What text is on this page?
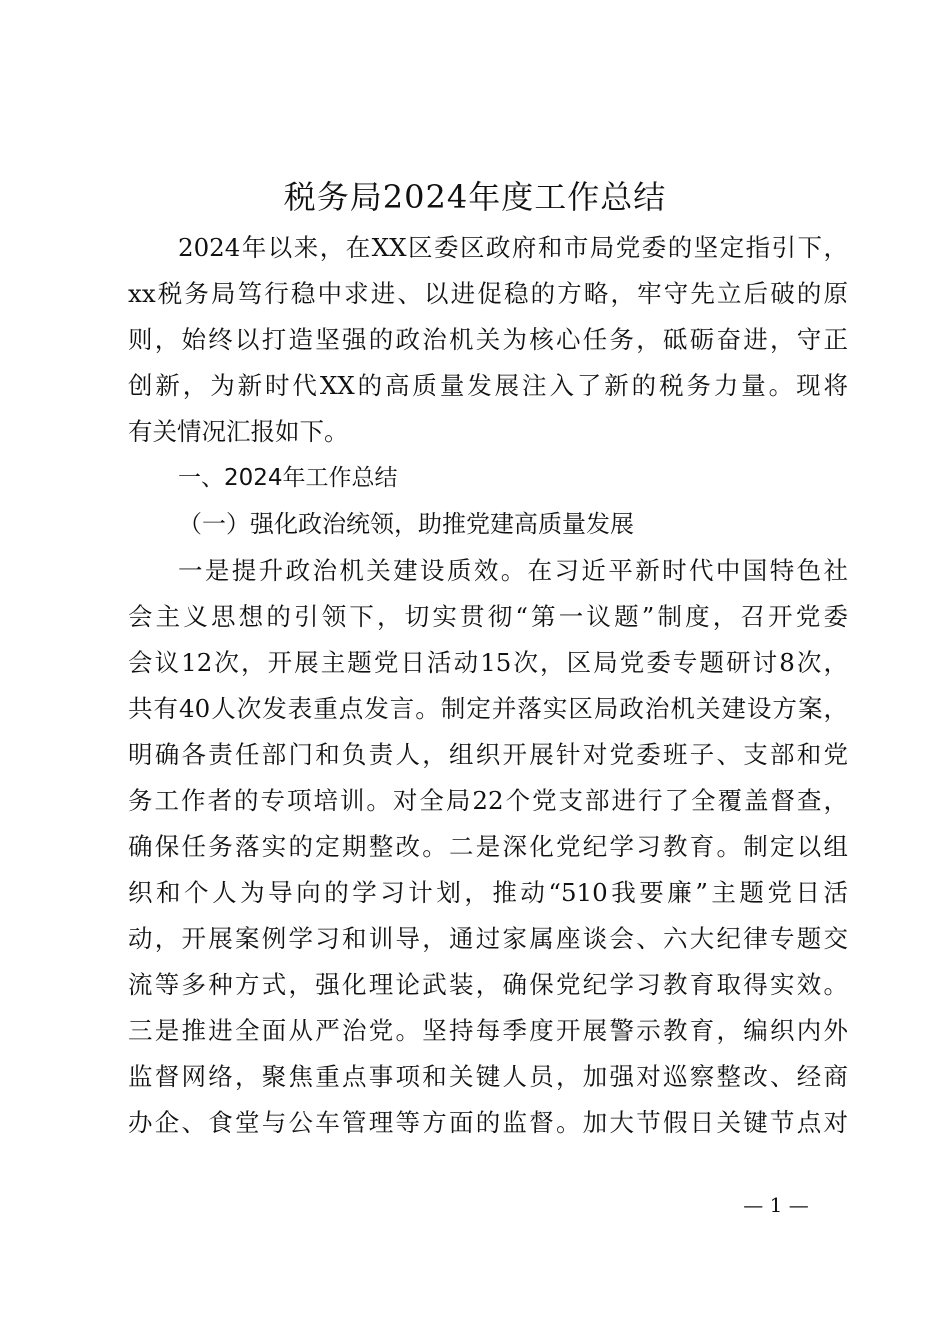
税务局2024年度工作总结
2024年以来，在XX区委区政府和市局党委的坚定指引下，
xx税务局笃行稳中求进、以进促稳的方略，牢守先立后破的原
则，始终以打造坚强的政治机关为核心任务，砥砺奋进，守正
创新，为新时代XX的高质量发展注入了新的税务力量。现将
有关情况汇报如下。
一、2024年工作总结
（一）强化政治统领，助推党建高质量发展
一是提升政治机关建设质效。在习近平新时代中国特色社
会主义思想的引领下，切实贯彻“第一议题”制度，召开党委
会议12次，开展主题党日活动15次，区局党委专题研讨8次，
共有40人次发表重点发言。制定并落实区局政治机关建设方案，
明确各责任部门和负责人，组织开展针对党委班子、支部和党
务工作者的专项培训。对全局22个党支部进行了全覆盖督查，
确保任务落实的定期整改。二是深化党纪学习教育。制定以组
织和个人为导向的学习计划，推动“510我要廉”主题党日活
动，开展案例学习和训导，通过家属座谈会、六大纪律专题交
流等多种方式，强化理论武装，确保党纪学习教育取得实效。
三是推进全面从严治党。坚持每季度开展警示教育，编织内外
监督网络，聚焦重点事项和关键人员，加强对巡察整改、经商
办企、食堂与公车管理等方面的监督。加大节假日关键节点对
— 1 —
